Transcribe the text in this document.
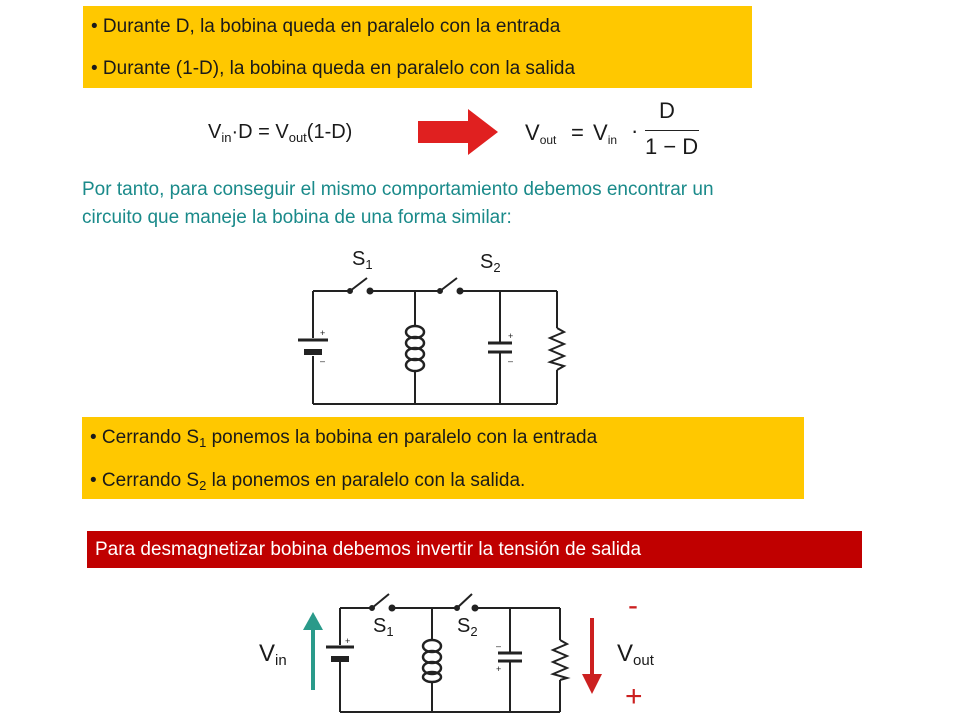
• Durante D, la bobina queda en paralelo con la entrada
• Durante (1-D), la bobina queda en paralelo con la salida
$V_{in}\cdot D = V_{out}(1-D)$	$V_{out} = V_{in}$ ·
D
1 − D
Por tanto, para conseguir el mismo comportamiento debemos encontrar un
circuito que maneje la bobina de una forma similar:
$S_1$	$S_2$
+
–
+
–
• Cerrando $S_1$ ponemos la bobina en paralelo con la entrada
• Cerrando $S_2$ la ponemos en paralelo con la salida.
Para desmagnetizar bobina debemos invertir la tensión de salida
+	–
+
$S_1$	$S_2$
$V_{in}$	$V_{out}$
-
+
